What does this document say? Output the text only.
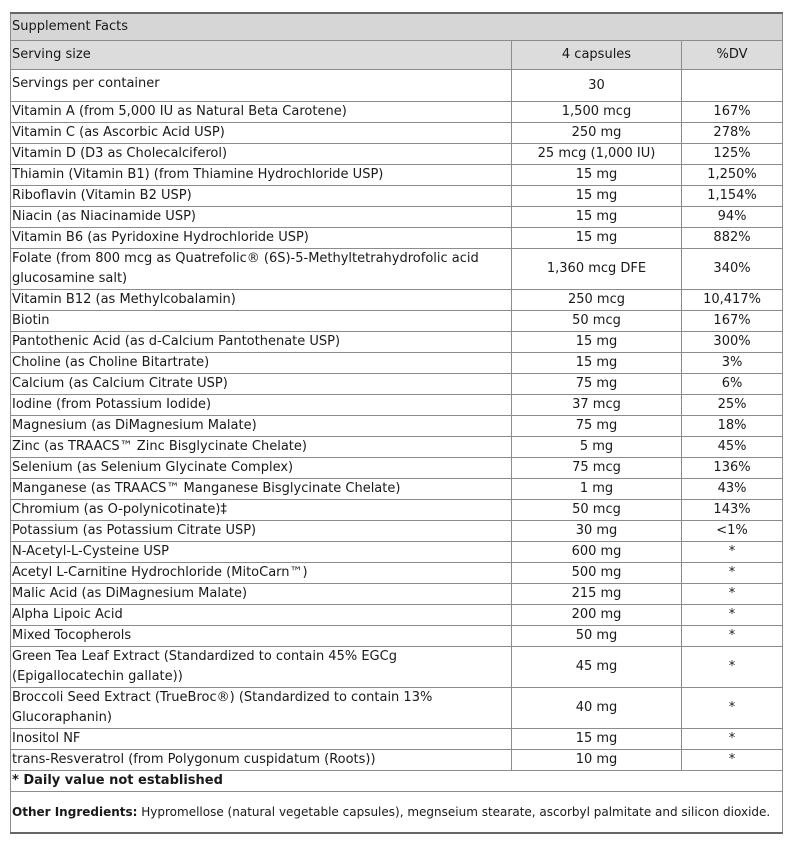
Supplement Facts		
Serving size	4 capsules	%DV
Servings per container	30	
Vitamin A (from 5,000 IU as Natural Beta Carotene)	1,500 mcg	167%
Vitamin C (as Ascorbic Acid USP)	250 mg	278%
Vitamin D (D3 as Cholecalciferol)	25 mcg (1,000 IU)	125%
Thiamin (Vitamin B1) (from Thiamine Hydrochloride USP)	15 mg	1,250%
Riboflavin (Vitamin B2 USP)	15 mg	1,154%
Niacin (as Niacinamide USP)	15 mg	94%
Vitamin B6 (as Pyridoxine Hydrochloride USP)	15 mg	882%
Folate (from 800 mcg as Quatrefolic® (6S)-5-Methyltetrahydrofolic acid glucosamine salt)	1,360 mcg DFE	340%
Vitamin B12 (as Methylcobalamin)	250 mcg	10,417%
Biotin	50 mcg	167%
Pantothenic Acid (as d-Calcium Pantothenate USP)	15 mg	300%
Choline (as Choline Bitartrate)	15 mg	3%
Calcium (as Calcium Citrate USP)	75 mg	6%
Iodine (from Potassium Iodide)	37 mcg	25%
Magnesium (as DiMagnesium Malate)	75 mg	18%
Zinc (as TRAACS™ Zinc Bisglycinate Chelate)	5 mg	45%
Selenium (as Selenium Glycinate Complex)	75 mcg	136%
Manganese (as TRAACS™ Manganese Bisglycinate Chelate)	1 mg	43%
Chromium (as O-polynicotinate)‡	50 mcg	143%
Potassium (as Potassium Citrate USP)	30 mg	<1%
N-Acetyl-L-Cysteine USP	600 mg	*
Acetyl L-Carnitine Hydrochloride (MitoCarn™)	500 mg	*
Malic Acid (as DiMagnesium Malate)	215 mg	*
Alpha Lipoic Acid	200 mg	*
Mixed Tocopherols	50 mg	*
Green Tea Leaf Extract (Standardized to contain 45% EGCg (Epigallocatechin gallate))	45 mg	*
Broccoli Seed Extract (TrueBroc®) (Standardized to contain 13% Glucoraphanin)	40 mg	*
Inositol NF	15 mg	*
trans-Resveratrol (from Polygonum cuspidatum (Roots))	10 mg	*
* Daily value not established		
Other Ingredients: Hypromellose (natural vegetable capsules), megnseium stearate, ascorbyl palmitate and silicon dioxide.		
